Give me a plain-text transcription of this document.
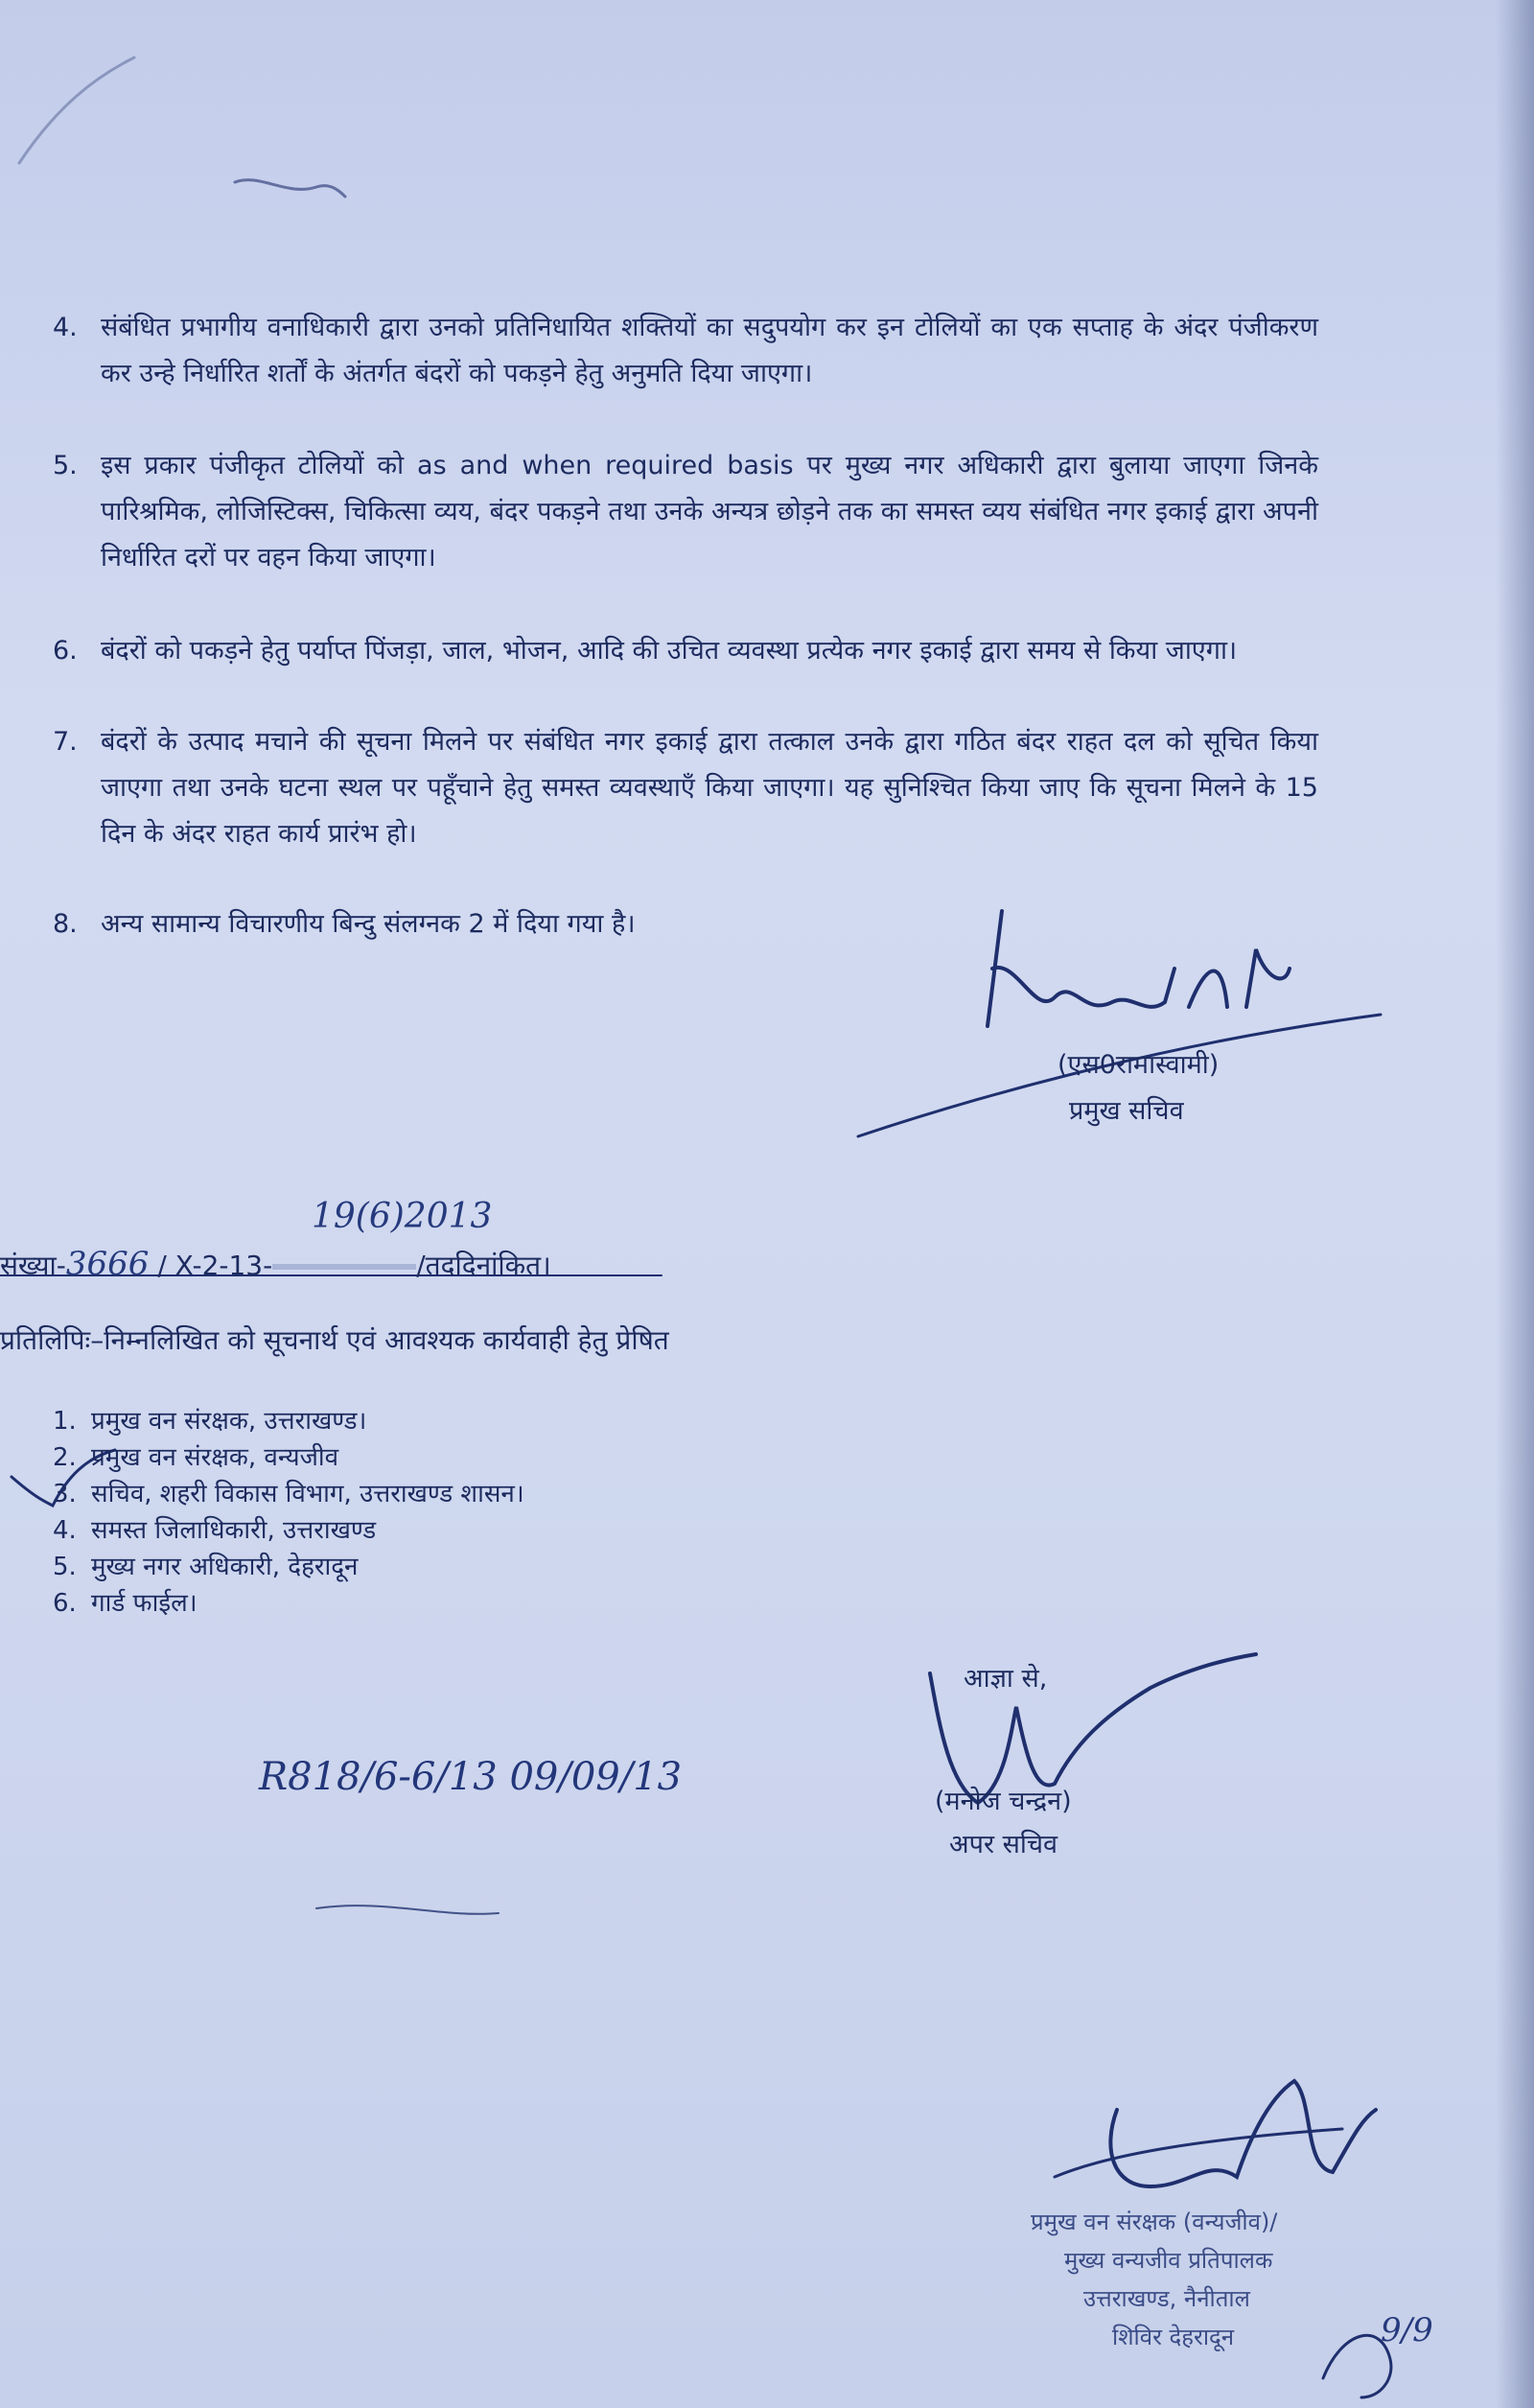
4. संबंधित प्रभागीय वनाधिकारी द्वारा उनको प्रतिनिधायित शक्तियों का सदुपयोग कर इन टोलियों का एक सप्ताह के अंदर पंजीकरण कर उन्हे निर्धारित शर्तों के अंतर्गत बंदरों को पकड़ने हेतु अनुमति दिया जाएगा।
5. इस प्रकार पंजीकृत टोलियों को as and when required basis पर मुख्य नगर अधिकारी द्वारा बुलाया जाएगा जिनके पारिश्रमिक, लोजिस्टिक्स, चिकित्सा व्यय, बंदर पकड़ने तथा उनके अन्यत्र छोड़ने तक का समस्त व्यय संबंधित नगर इकाई द्वारा अपनी निर्धारित दरों पर वहन किया जाएगा।
6. बंदरों को पकड़ने हेतु पर्याप्त पिंजड़ा, जाल, भोजन, आदि की उचित व्यवस्था प्रत्येक नगर इकाई द्वारा समय से किया जाएगा।
7. बंदरों के उत्पाद मचाने की सूचना मिलने पर संबंधित नगर इकाई द्वारा तत्काल उनके द्वारा गठित बंदर राहत दल को सूचित किया जाएगा तथा उनके घटना स्थल पर पहूँचाने हेतु समस्त व्यवस्थाएँ किया जाएगा। यह सुनिश्चित किया जाए कि सूचना मिलने के 15 दिन के अंदर राहत कार्य प्रारंभ हो।
8. अन्य सामान्य विचारणीय बिन्दु संलग्नक 2 में दिया गया है।
(एस0रामास्वामी)
प्रमुख सचिव
19(6)2013
संख्या-3666 / X-2-13-	/तददिनांकित।
प्रतिलिपिः–निम्नलिखित को सूचनार्थ एवं आवश्यक कार्यवाही हेतु प्रेषित
1. प्रमुख वन संरक्षक, उत्तराखण्ड।
2. प्रमुख वन संरक्षक, वन्यजीव
3. सचिव, शहरी विकास विभाग, उत्तराखण्ड शासन।
4. समस्त जिलाधिकारी, उत्तराखण्ड
5. मुख्य नगर अधिकारी, देहरादून
6. गार्ड फाईल।
आज्ञा से,
(मनोज चन्द्रन)
अपर सचिव
R818/6-6/13 09/09/13
प्रमुख वन संरक्षक (वन्यजीव)/
मुख्य वन्यजीव प्रतिपालक
उत्तराखण्ड, नैनीताल
शिविर देहरादून	9/9
